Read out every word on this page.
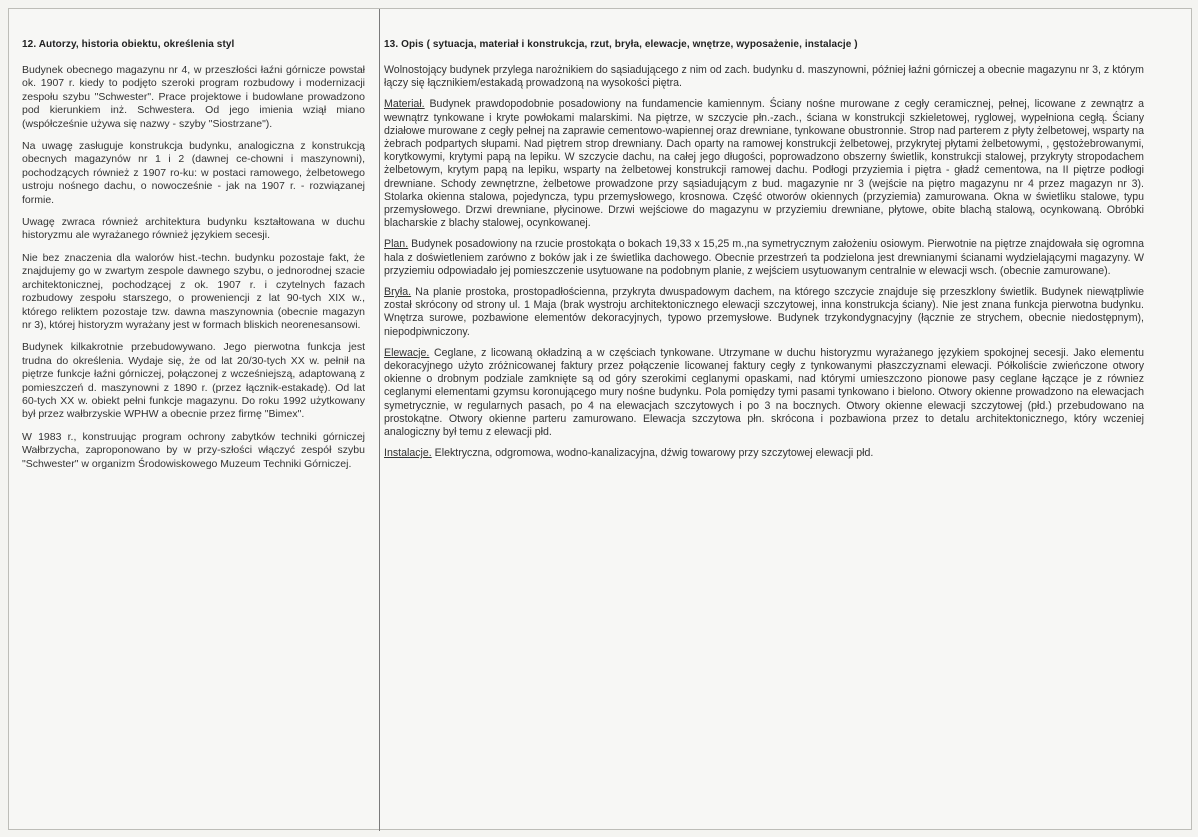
12. Autorzy, historia obiektu, określenia styl

Budynek obecnego magazynu nr 4, w przeszłości łaźni górnicze powstał ok. 1907 r. kiedy to podjęto szeroki program rozbudowy i modernizacji zespołu szybu "Schwester". Prace projektowe i budowlane prowadzono pod kierunkiem inż. Schwestera. Od jego imienia wziął miano (współcześnie używa się nazwy - szyby "Siostrzane").

Na uwagę zasługuje konstrukcja budynku, analogiczna z konstrukcją obecnych magazynów nr 1 i 2 (dawnej ce-chowni i maszynowni), pochodzących również z 1907 ro-ku: w postaci ramowego, żelbetowego ustroju nośnego dachu, o nowocześnie - jak na 1907 r. - rozwiązanej formie.

Uwagę zwraca również architektura budynku kształtowana w duchu historyzmu ale wyrażanego również językiem secesji.

Nie bez znaczenia dla walorów hist.-techn. budynku pozostaje fakt, że znajdujemy go w zwartym zespole dawnego szybu, o jednorodnej szacie architektonicznej, pochodzącej z ok. 1907 r. i czytelnych fazach rozbudowy zespołu starszego, o proweniencji z lat 90-tych XIX w., którego reliktem pozostaje tzw. dawna maszynownia (obecnie magazyn nr 3), której historyzm wyrażany jest w formach bliskich neorenesansowi.

Budynek kilkakrotnie przebudowywano. Jego pierwotna funkcja jest trudna do określenia. Wydaje się, że od lat 20/30-tych XX w. pełnił na piętrze funkcje łaźni górniczej, połączonej z wcześniejszą, adaptowaną z pomieszczeń d. maszynowni z 1890 r. (przez łącznik-estakadę). Od lat 60-tych XX w. obiekt pełni funkcje magazynu. Do roku 1992 użytkowany był przez wałbrzyskie WPHW a obecnie przez firmę "Bimex".

W 1983 r., konstruując program ochrony zabytków techniki górniczej Wałbrzycha, zaproponowano by w przy-szłości włączyć zespół szybu "Schwester" w organizm Środowiskowego Muzeum Techniki Górniczej.

13. Opis ( sytuacja, materiał i konstrukcja, rzut, bryła, elewacje, wnętrze, wyposażenie, instalacje )

Wolnostojący budynek przylega narożnikiem do sąsiadującego z nim od zach. budynku d. maszynowni, później łaźni górniczej a obecnie magazynu nr 3, z którym łączy się łącznikiem/estakadą prowadzoną na wysokości piętra.

Materiał. Budynek prawdopodobnie posadowiony na fundamencie kamiennym. Ściany nośne murowane z cegły ceramicznej, pełnej, licowane z zewnątrz a wewnątrz tynkowane i kryte powłokami malarskimi. Na piętrze, w szczycie płn.-zach., ściana w konstrukcji szkieletowej, ryglowej, wypełniona cegłą. Ściany działowe murowane z cegły pełnej na zaprawie cementowo-wapiennej oraz drewniane, tynkowane obustronnie. Strop nad parterem z płyty żelbetowej, wsparty na żebrach podpartych słupami. Nad piętrem strop drewniany. Dach oparty na ramowej konstrukcji żelbetowej, przykrytej płytami żelbetowymi, , gęstożebrowanymi, korytkowymi, krytymi papą na lepiku. W szczycie dachu, na całej jego długości, poprowadzono obszerny świetlik, konstrukcji stalowej, przykryty stropodachem żelbetowym, krytym papą na lepiku, wsparty na żelbetowej konstrukcji ramowej dachu. Podłogi przyziemia i piętra - gładź cementowa, na II piętrze podłogi drewniane. Schody zewnętrzne, żelbetowe prowadzone przy sąsiadującym z bud. magazynie nr 3 (wejście na piętro magazynu nr 4 przez magazyn nr 3). Stolarka okienna stalowa, pojedyncza, typu przemysłowego, krosnowa. Część otworów okiennych (przyziemia) zamurowana. Okna w świetliku stalowe, typu przemysłowego. Drzwi drewniane, płycinowe. Drzwi wejściowe do magazynu w przyziemiu drewniane, płytowe, obite blachą stalową, ocynkowaną. Obróbki blacharskie z blachy stalowej, ocynkowanej.

Plan. Budynek posadowiony na rzucie prostokąta o bokach 19,33 x 15,25 m.,na symetrycznym założeniu osiowym. Pierwotnie na piętrze znajdowała się ogromna hala z doświetleniem zarówno z boków jak i ze świetlika dachowego. Obecnie przestrzeń ta podzielona jest drewnianymi ścianami wydzielającymi magazyny. W przyziemiu odpowiadało jej pomieszczenie usytuowane na podobnym planie, z wejściem usytuowanym centralnie w elewacji wsch. (obecnie zamurowane).

Bryła. Na planie prostoka, prostopadłościenna, przykryta dwuspadowym dachem, na którego szczycie znajduje się przeszklony świetlik. Budynek niewątpliwie został skrócony od strony ul. 1 Maja (brak wystroju architektonicznego elewacji szczytowej, inna konstrukcja ściany). Nie jest znana funkcja pierwotna budynku. Wnętrza surowe, pozbawione elementów dekoracyjnych, typowo przemysłowe. Budynek trzykondygnacyjny (łącznie ze strychem, obecnie niedostępnym), niepodpiwniczony.

Elewacje. Ceglane, z licowaną okładziną a w częściach tynkowane. Utrzymane w duchu historyzmu wyrażanego językiem spokojnej secesji. Jako elementu dekoracyjnego użyto zróżnicowanej faktury przez połączenie licowanej faktury cegły z tynkowanymi płaszczyznami elewacji. Półkoliście zwieńczone otwory okienne o drobnym podziale zamknięte są od góry szerokimi ceglanymi opaskami, nad którymi umieszczono pionowe pasy ceglane łączące je z równiez ceglanymi elementami gzymsu koronującego mury nośne budynku. Pola pomiędzy tymi pasami tynkowano i bielono. Otwory okienne prowadzono na elewacjach symetrycznie, w regularnych pasach, po 4 na elewacjach szczytowych i po 3 na bocznych. Otwory okienne elewacji szczytowej (płd.) przebudowano na prostokątne. Otwory okienne parteru zamurowano. Elewacja szczytowa płn. skrócona i pozbawiona przez to detalu architektonicznego, który wczeniej analogiczny był temu z elewacji płd.

Instalacje. Elektryczna, odgromowa, wodno-kanalizacyjna, dźwig towarowy przy szczytowej elewacji płd.
